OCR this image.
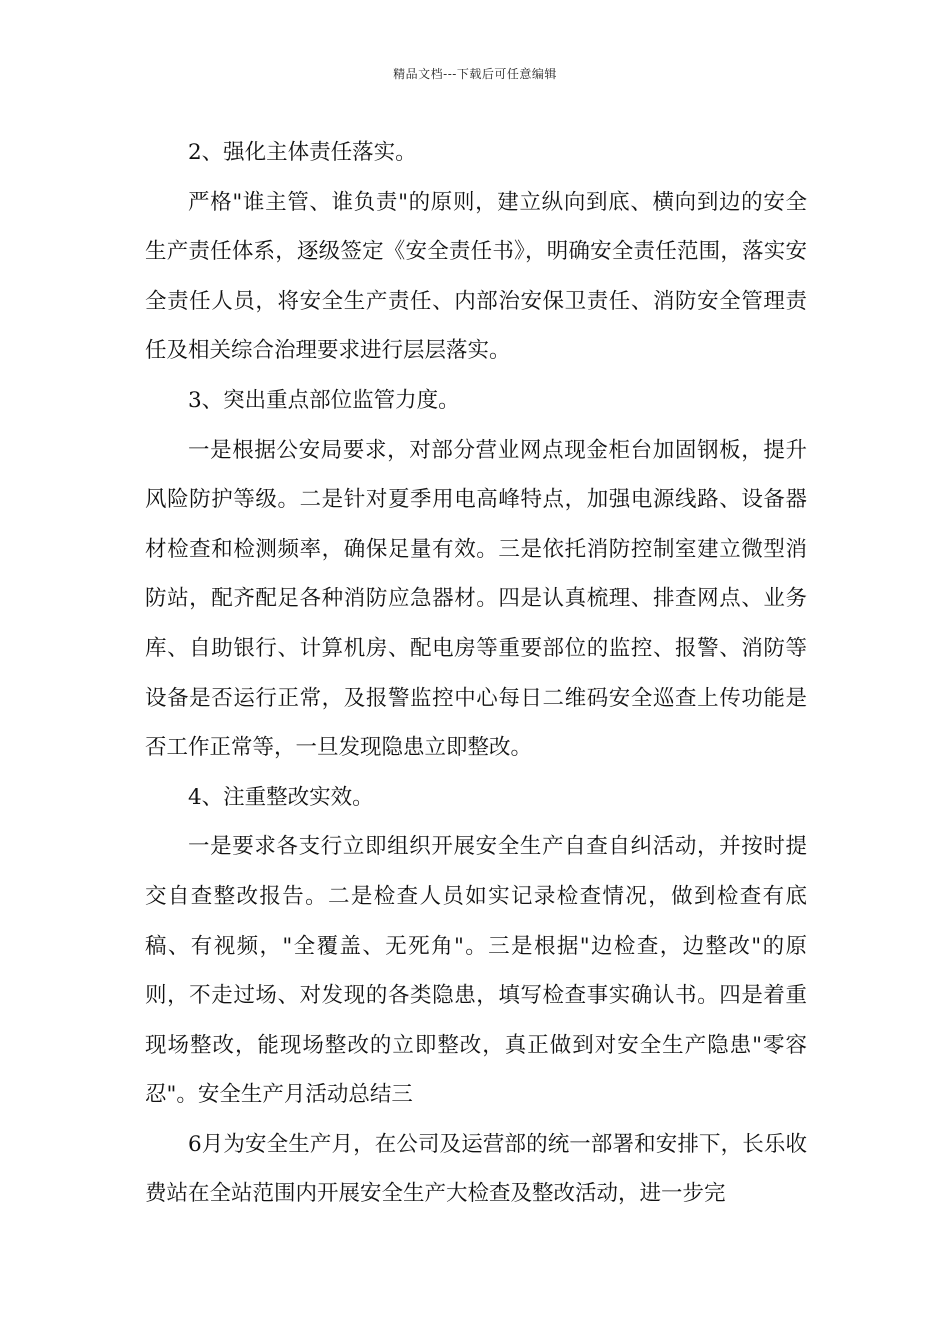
精品文档---下载后可任意编辑

2、强化主体责任落实。

严格"谁主管、谁负责"的原则，建立纵向到底、横向到边的安全生产责任体系，逐级签定《安全责任书》，明确安全责任范围，落实安全责任人员，将安全生产责任、内部治安保卫责任、消防安全管理责任及相关综合治理要求进行层层落实。

3、突出重点部位监管力度。

一是根据公安局要求，对部分营业网点现金柜台加固钢板，提升风险防护等级。二是针对夏季用电高峰特点，加强电源线路、设备器材检查和检测频率，确保足量有效。三是依托消防控制室建立微型消防站，配齐配足各种消防应急器材。四是认真梳理、排查网点、业务库、自助银行、计算机房、配电房等重要部位的监控、报警、消防等设备是否运行正常，及报警监控中心每日二维码安全巡查上传功能是否工作正常等，一旦发现隐患立即整改。

4、注重整改实效。

一是要求各支行立即组织开展安全生产自查自纠活动，并按时提交自查整改报告。二是检查人员如实记录检查情况，做到检查有底稿、有视频，"全覆盖、无死角"。三是根据"边检查，边整改"的原则，不走过场、对发现的各类隐患，填写检查事实确认书。四是着重现场整改，能现场整改的立即整改，真正做到对安全生产隐患"零容忍"。安全生产月活动总结三

6月为安全生产月，在公司及运营部的统一部署和安排下，长乐收费站在全站范围内开展安全生产大检查及整改活动，进一步完
